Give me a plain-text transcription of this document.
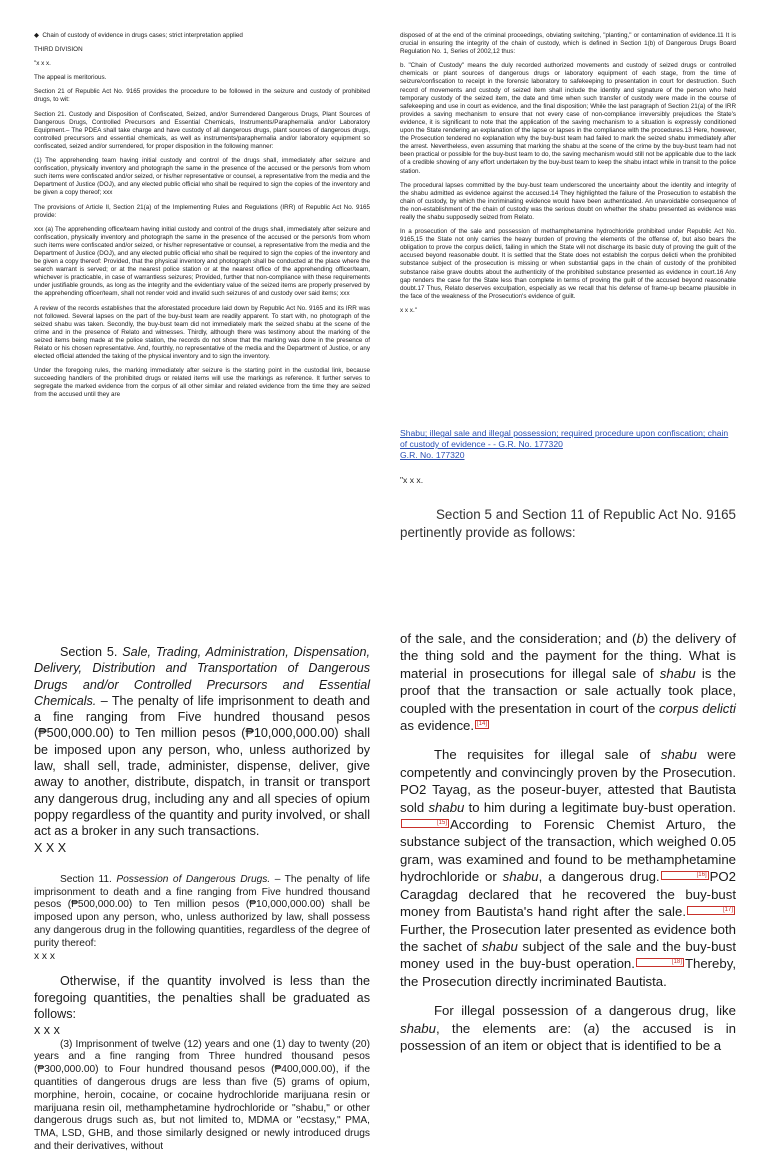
◆  Chain of custody of evidence in drugs cases; strict interpretation applied

THIRD DIVISION

"x x x.

The appeal is meritorious.

Section 21 of Republic Act No. 9165 provides the procedure to be followed in the seizure and custody of prohibited drugs, to wit:

Section 21. Custody and Disposition of Confiscated, Seized, and/or Surrendered Dangerous Drugs, Plant Sources of Dangerous Drugs, Controlled Precursors and Essential Chemicals, Instruments/Paraphernalia and/or Laboratory Equipment.– The PDEA shall take charge and have custody of all dangerous drugs, plant sources of dangerous drugs, controlled precursors and essential chemicals, as well as instruments/paraphernalia and/or laboratory equipment so confiscated, seized and/or surrendered, for proper disposition in the following manner:

(1) The apprehending team having initial custody and control of the drugs shall, immediately after seizure and confiscation, physically inventory and photograph the same in the presence of the accused or the person/s from whom such items were confiscated and/or seized, or his/her representative or counsel, a representative from the media and the Department of Justice (DOJ), and any elected public official who shall be required to sign the copies of the inventory and be given a copy thereof; xxx

The provisions of Article II, Section 21(a) of the Implementing Rules and Regulations (IRR) of Republic Act No. 9165 provide:

xxx (a) The apprehending office/team having initial custody and control of the drugs shall, immediately after seizure and confiscation, physically inventory and photograph the same in the presence of the accused or the person/s from whom such items were confiscated and/or seized, or his/her representative or counsel, a representative from the media and the Department of Justice (DOJ), and any elected public official who shall be required to sign the copies of the inventory and be given a copy thereof: Provided, that the physical inventory and photograph shall be conducted at the place where the search warrant is served; or at the nearest police station or at the nearest office of the apprehending officer/team, whichever is practicable, in case of warrantless seizures; Provided, further that non-compliance with these requirements under justifiable grounds, as long as the integrity and the evidentiary value of the seized items are properly preserved by the apprehending officer/team, shall not render void and invalid such seizures of and custody over said items; xxx

A review of the records establishes that the aforestated procedure laid down by Republic Act No. 9165 and its IRR was not followed. Several lapses on the part of the buy-bust team are readily apparent. To start with, no photograph of the seized shabu was taken. Secondly, the buy-bust team did not immediately mark the seized shabu at the scene of the crime and in the presence of Relato and witnesses. Thirdly, although there was testimony about the marking of the seized items being made at the police station, the records do not show that the marking was done in the presence of Relato or his chosen representative. And, fourthly, no representative of the media and the Department of Justice, or any elected official attended the taking of the physical inventory and to sign the inventory.

Under the foregoing rules, the marking immediately after seizure is the starting point in the custodial link, because succeeding handlers of the prohibited drugs or related items will use the markings as reference. It further serves to segregate the marked evidence from the corpus of all other similar and related evidence from the time they are seized from the accused until they are

disposed of at the end of the criminal proceedings, obviating switching, "planting," or contamination of evidence.11 It is crucial in ensuring the integrity of the chain of custody, which is defined in Section 1(b) of Dangerous Drugs Board Regulation No. 1, Series of 2002,12 thus:

b. "Chain of Custody" means the duly recorded authorized movements and custody of seized drugs or controlled chemicals or plant sources of dangerous drugs or laboratory equipment of each stage, from the time of seizure/confiscation to receipt in the forensic laboratory to safekeeping to presentation in court for destruction. Such record of movements and custody of seized item shall include the identity and signature of the person who held temporary custody of the seized item, the date and time when such transfer of custody were made in the course of safekeeping and use in court as evidence, and the final disposition; While the last paragraph of Section 21(a) of the IRR provides a saving mechanism to ensure that not every case of non-compliance irreversibly prejudices the State's evidence, it is significant to note that the application of the saving mechanism to a situation is expressly conditioned upon the State rendering an explanation of the lapse or lapses in the compliance with the procedures.13 Here, however, the Prosecution tendered no explanation why the buy-bust team had failed to mark the seized shabu immediately after the arrest. Nevertheless, even assuming that marking the shabu at the scene of the crime by the buy-bust team had not been practical or possible for the buy-bust team to do, the saving mechanism would still not be applicable due to the lack of a credible showing of any effort undertaken by the buy-bust team to keep the shabu intact while in transit to the police station.

The procedural lapses committed by the buy-bust team underscored the uncertainty about the identity and integrity of the shabu admitted as evidence against the accused.14 They highlighted the failure of the Prosecution to establish the chain of custody, by which the incriminating evidence would have been authenticated. An unavoidable consequence of the non-establishment of the chain of custody was the serious doubt on whether the shabu presented as evidence was really the shabu supposedly seized from Relato.

In a prosecution of the sale and possession of methamphetamine hydrochloride prohibited under Republic Act No. 9165,15 the State not only carries the heavy burden of proving the elements of the offense of, but also bears the obligation to prove the corpus delicti, failing in which the State will not discharge its basic duty of proving the guilt of the accused beyond reasonable doubt. It is settled that the State does not establish the corpus delicti when the prohibited substance subject of the prosecution is missing or when substantial gaps in the chain of custody of the prohibited substance raise grave doubts about the authenticity of the prohibited substance presented as evidence in court.16 Any gap renders the case for the State less than complete in terms of proving the guilt of the accused beyond reasonable doubt.17 Thus, Relato deserves exculpation, especially as we recall that his defense of frame-up became plausible in the face of the weakness of the Prosecution's evidence of guilt.

x x x."

Shabu; illegal sale and illegal possession; required procedure upon confiscation; chain of custody of evidence - - G.R. No. 177320
G.R. No. 177320
"x x x.
Section 5 and Section 11 of Republic Act No. 9165 pertinently provide as follows:
Section 5. Sale, Trading, Administration, Dispensation, Delivery, Distribution and Transportation of Dangerous Drugs and/or Controlled Precursors and Essential Chemicals. – The penalty of life imprisonment to death and a fine ranging from Five hundred thousand pesos (₱500,000.00) to Ten million pesos (₱10,000,000.00) shall be imposed upon any person, who, unless authorized by law, shall sell, trade, administer, dispense, deliver, give away to another, distribute, dispatch, in transit or transport any dangerous drug, including any and all species of opium poppy regardless of the quantity and purity involved, or shall act as a broker in any such transactions.
X X X

Section 11. Possession of Dangerous Drugs. – The penalty of life imprisonment to death and a fine ranging from Five hundred thousand pesos (₱500,000.00) to Ten million pesos (₱10,000,000.00) shall be imposed upon any person, who, unless authorized by law, shall possess any dangerous drug in the following quantities, regardless of the degree of purity thereof:
x x x

Otherwise, if the quantity involved is less than the foregoing quantities, the penalties shall be graduated as follows:
x x x
(3) Imprisonment of twelve (12) years and one (1) day to twenty (20) years and a fine ranging from Three hundred thousand pesos (₱300,000.00) to Four hundred thousand pesos (₱400,000.00), if the quantities of dangerous drugs are less than five (5) grams of opium, morphine, heroin, cocaine, or cocaine hydrochloride marijuana resin or marijuana resin oil, methamphetamine hydrochloride or "shabu," or other dangerous drugs such as, but not limited to, MDMA or "ecstasy," PMA, TMA, LSD, GHB, and those similarly designed or newly introduced drugs and their derivatives, without
of the sale, and the consideration; and (b) the delivery of the thing sold and the payment for the thing. What is material in prosecutions for illegal sale of shabu is the proof that the transaction or sale actually took place, coupled with the presentation in court of the corpus delicti as evidence. [14]
The requisites for illegal sale of shabu were competently and convincingly proven by the Prosecution. PO2 Tayag, as the poseur-buyer, attested that Bautista sold shabu to him during a legitimate buy-bust operation.[15] According to Forensic Chemist Arturo, the substance subject of the transaction, which weighed 0.05 gram, was examined and found to be methamphetamine hydrochloride or shabu, a dangerous drug.	[16] PO2 Caragdag declared that he recovered the buy-bust money from Bautista's hand right after the sale.	[17]Further, the Prosecution later presented as evidence both the sachet of shabu subject of the sale and the buy-bust money used in the buy-bust operation.	[18] Thereby, the Prosecution directly incriminated Bautista.
For illegal possession of a dangerous drug, like shabu, the elements are: (a) the accused is in possession of an item or object that is identified to be a
